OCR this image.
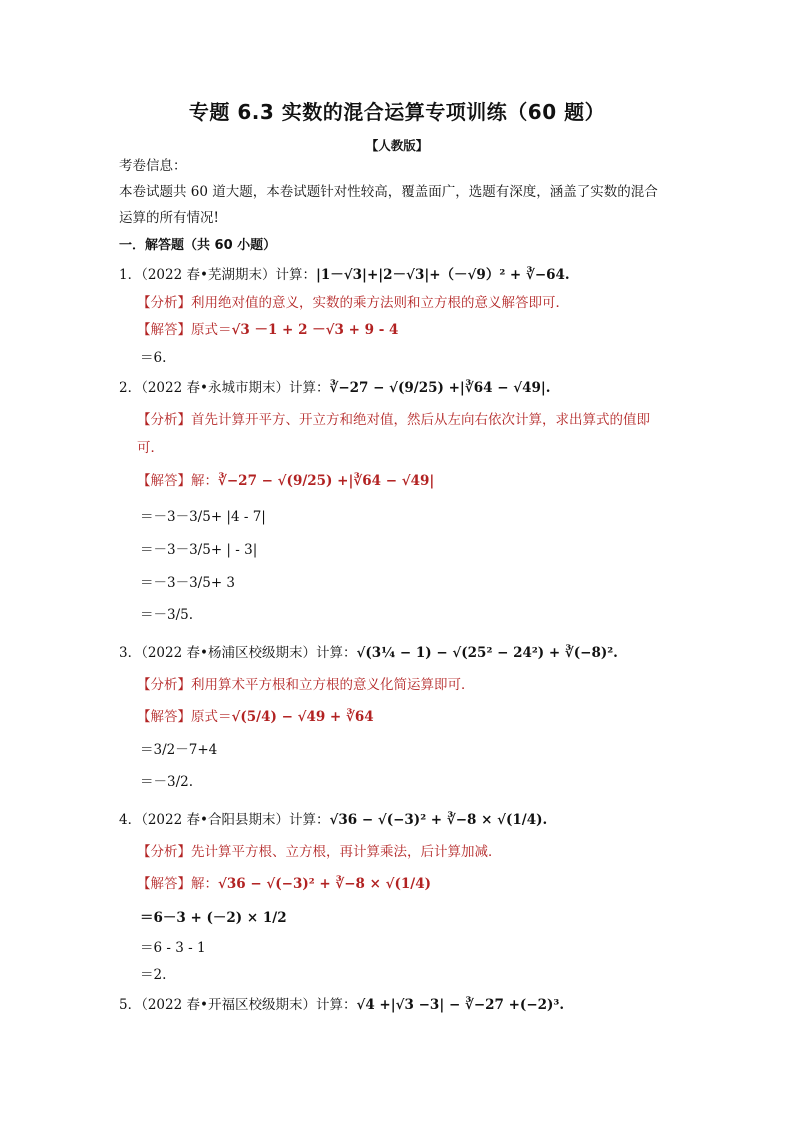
专题 6.3 实数的混合运算专项训练（60 题）
【人教版】
考卷信息：
本卷试题共 60 道大题，本卷试题针对性较高，覆盖面广，选题有深度，涵盖了实数的混合
运算的所有情况!
一．解答题（共 60 小题）
1．（2022 春•芜湖期末）计算：|1－√3|+|2－√3|+（－√9）² + ∛−64.
【分析】利用绝对值的意义，实数的乘方法则和立方根的意义解答即可．
【解答】原式＝√3 －1 + 2 －√3 + 9 - 4
＝6.
2．（2022 春•永城市期末）计算：∛−27 − √(9/25) +|∛64 − √49|.
【分析】首先计算开平方、开立方和绝对值，然后从左向右依次计算，求出算式的值即
可．
【解答】解：∛−27 − √(9/25) +|∛64 − √49|
＝－3－3/5+ |4 - 7|
＝－3－3/5+ | - 3|
＝－3－3/5+ 3
＝－3/5.
3．（2022 春•杨浦区校级期末）计算：√(3¼ − 1) − √(25² − 24²) + ∛(−8)².
【分析】利用算术平方根和立方根的意义化简运算即可．
【解答】原式＝√(5/4) − √49 + ∛64
＝3/2－7+4
＝－3/2.
4．（2022 春•合阳县期末）计算：√36 − √(−3)² + ∛−8 × √(1/4).
【分析】先计算平方根、立方根，再计算乘法，后计算加减．
【解答】解：√36 − √(−3)² + ∛−8 × √(1/4)
＝6－3 + (－2) × 1/2
＝6 - 3 - 1
＝2.
5．（2022 春•开福区校级期末）计算：√4 +|√3 −3| − ∛−27 +(−2)³.
